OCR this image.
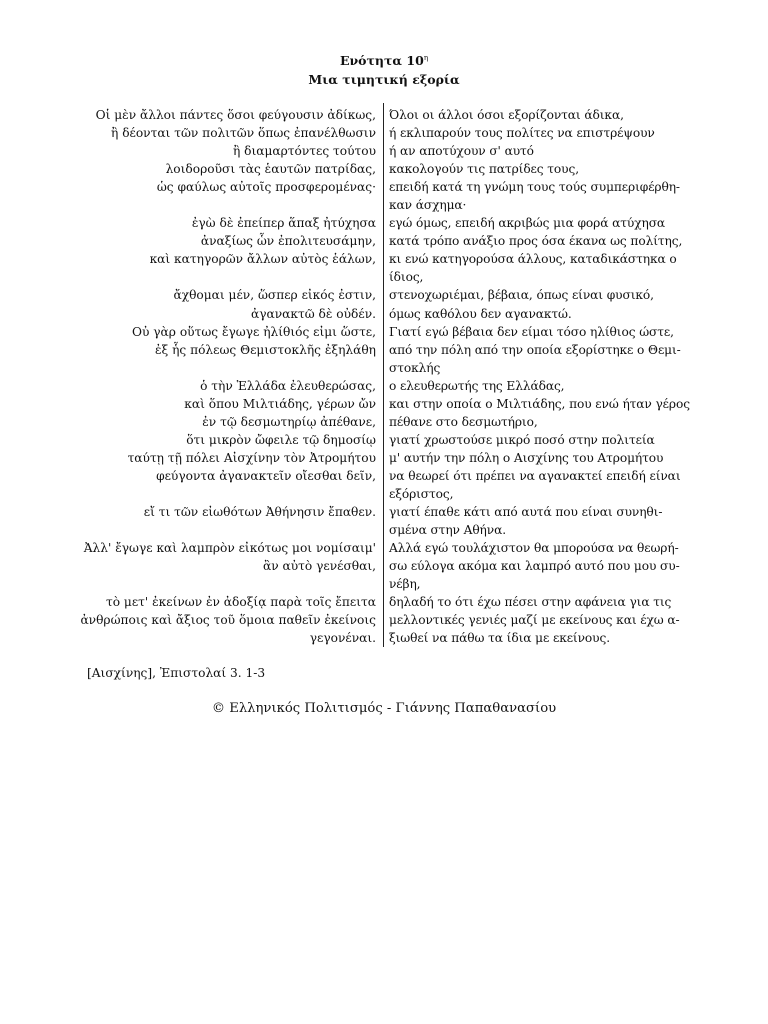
Ενότητα $10^\eta$
Μια τιμητική εξορία
Οἱ μὲν ἄλλοι πάντες ὅσοι φεύγουσιν ἀδίκως,
ἢ δέονται τῶν πολιτῶν ὅπως ἐπανέλθωσιν
ἢ διαμαρτόντες τούτου
λοιδοροῦσι τὰς ἑαυτῶν πατρίδας,
ὡς φαύλως αὐτοῖς προσφερομένας·
ἐγὼ δὲ ἐπείπερ ἅπαξ ἠτύχησα
ἀναξίως ὧν ἐπολιτευσάμην,
καὶ κατηγορῶν ἄλλων αὐτὸς ἑάλων,
ἄχθομαι μέν, ὥσπερ εἰκός ἐστιν,
ἀγανακτῶ δὲ οὐδέν.
Οὐ γὰρ οὕτως ἔγωγε ἠλίθιός εἰμι ὥστε,
ἐξ ἧς πόλεως Θεμιστοκλῆς ἐξηλάθη
ὁ τὴν Ἑλλάδα ἐλευθερώσας,
καὶ ὅπου Μιλτιάδης, γέρων ὤν
ἐν τῷ δεσμωτηρίῳ ἀπέθανε,
ὅτι μικρὸν ὤφειλε τῷ δημοσίῳ
ταύτῃ τῇ πόλει Αἰσχίνην τὸν Ἀτρομήτου
φεύγοντα ἀγανακτεῖν οἴεσθαι δεῖν,
εἴ τι τῶν εἰωθότων Ἀθήνησιν ἔπαθεν.
Ἀλλ' ἔγωγε καὶ λαμπρὸν εἰκότως μοι νομίσαιμ'
ἂν αὐτὸ γενέσθαι,
τὸ μετ' ἐκείνων ἐν ἀδοξίᾳ παρὰ τοῖς ἔπειτα
ἀνθρώποις καὶ ἄξιος τοῦ ὅμοια παθεῖν ἐκείνοις
γεγονέναι.
Όλοι οι άλλοι όσοι εξορίζονται άδικα,
ή εκλιπαρούν τους πολίτες να επιστρέψουν
ή αν αποτύχουν σ' αυτό
κακολογούν τις πατρίδες τους,
επειδή κατά τη γνώμη τους τούς συμπεριφέρθη-
καν άσχημα·
εγώ όμως, επειδή ακριβώς μια φορά ατύχησα
κατά τρόπο ανάξιο προς όσα έκανα ως πολίτης,
κι ενώ κατηγορούσα άλλους, καταδικάστηκα ο
ίδιος,
στενοχωριέμαι, βέβαια, όπως είναι φυσικό,
όμως καθόλου δεν αγανακτώ.
Γιατί εγώ βέβαια δεν είμαι τόσο ηλίθιος ώστε,
από την πόλη από την οποία εξορίστηκε ο Θεμι-
στοκλής
ο ελευθερωτής της Ελλάδας,
και στην οποία ο Μιλτιάδης, που ενώ ήταν γέρος
πέθανε στο δεσμωτήριο,
γιατί χρωστούσε μικρό ποσό στην πολιτεία
μ' αυτήν την πόλη ο Αισχίνης του Ατρομήτου
να θεωρεί ότι πρέπει να αγανακτεί επειδή είναι
εξόριστος,
γιατί έπαθε κάτι από αυτά που είναι συνηθι-
σμένα στην Αθήνα.
Αλλά εγώ τουλάχιστον θα μπορούσα να θεωρή-
σω εύλογα ακόμα και λαμπρό αυτό που μου συ-
νέβη,
δηλαδή το ότι έχω πέσει στην αφάνεια για τις
μελλοντικές γενιές μαζί με εκείνους και έχω α-
ξιωθεί να πάθω τα ίδια με εκείνους.
[Αισχίνης], Ἐπιστολαί 3. 1-3
© Ελληνικός Πολιτισμός - Γιάννης Παπαθανασίου
